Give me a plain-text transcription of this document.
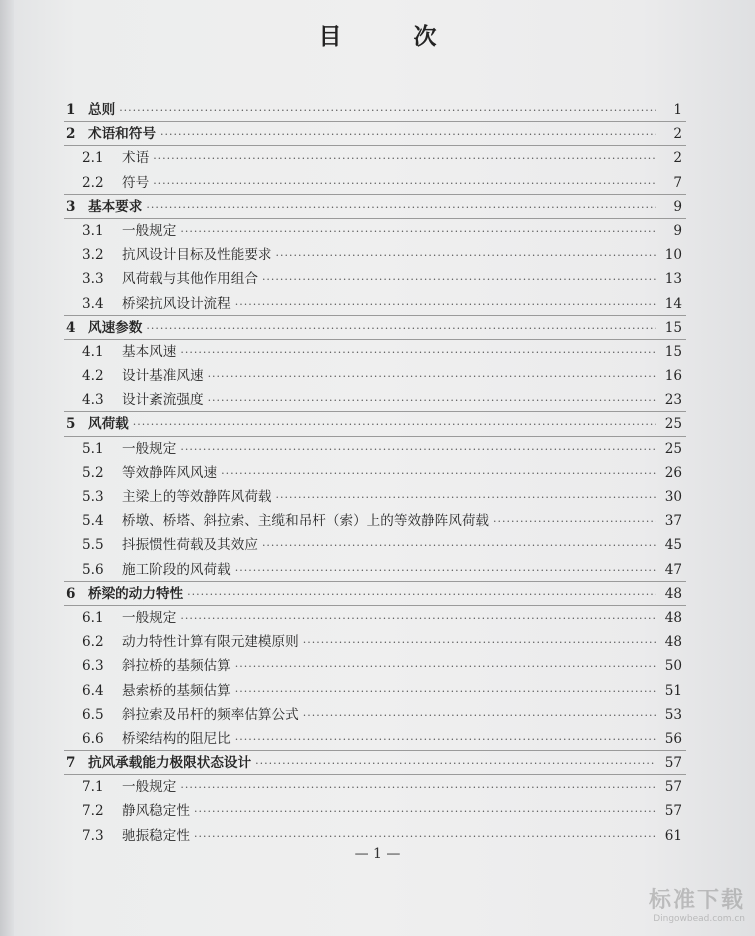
目 次
1 总则 ·····	1
2 术语和符号 ·····	2
2.1	术语 ·····	2
2.2	符号 ·····	7
3 基本要求 ·····	9
3.1	一般规定 ·····	9
3.2	抗风设计目标及性能要求 ·····	10
3.3	风荷载与其他作用组合 ·····	13
3.4	桥梁抗风设计流程 ·····	14
4 风速参数 ·····	15
4.1	基本风速 ·····	15
4.2	设计基准风速 ·····	16
4.3	设计紊流强度 ·····	23
5 风荷载 ·····	25
5.1	一般规定 ·····	25
5.2	等效静阵风风速 ·····	26
5.3	主梁上的等效静阵风荷载 ·····	30
5.4	桥墩、桥塔、斜拉索、主缆和吊杆（索）上的等效静阵风荷载 ·····	37
5.5	抖振惯性荷载及其效应 ·····	45
5.6	施工阶段的风荷载 ·····	47
6 桥梁的动力特性 ·····	48
6.1	一般规定 ·····	48
6.2	动力特性计算有限元建模原则 ·····	48
6.3	斜拉桥的基频估算 ·····	50
6.4	悬索桥的基频估算 ·····	51
6.5	斜拉索及吊杆的频率估算公式 ·····	53
6.6	桥梁结构的阻尼比 ·····	56
7 抗风承载能力极限状态设计 ·····	57
7.1	一般规定 ·····	57
7.2	静风稳定性 ·····	57
7.3	驰振稳定性 ·····	61
— 1 —
标准下载
Dingowbead.com.cn
